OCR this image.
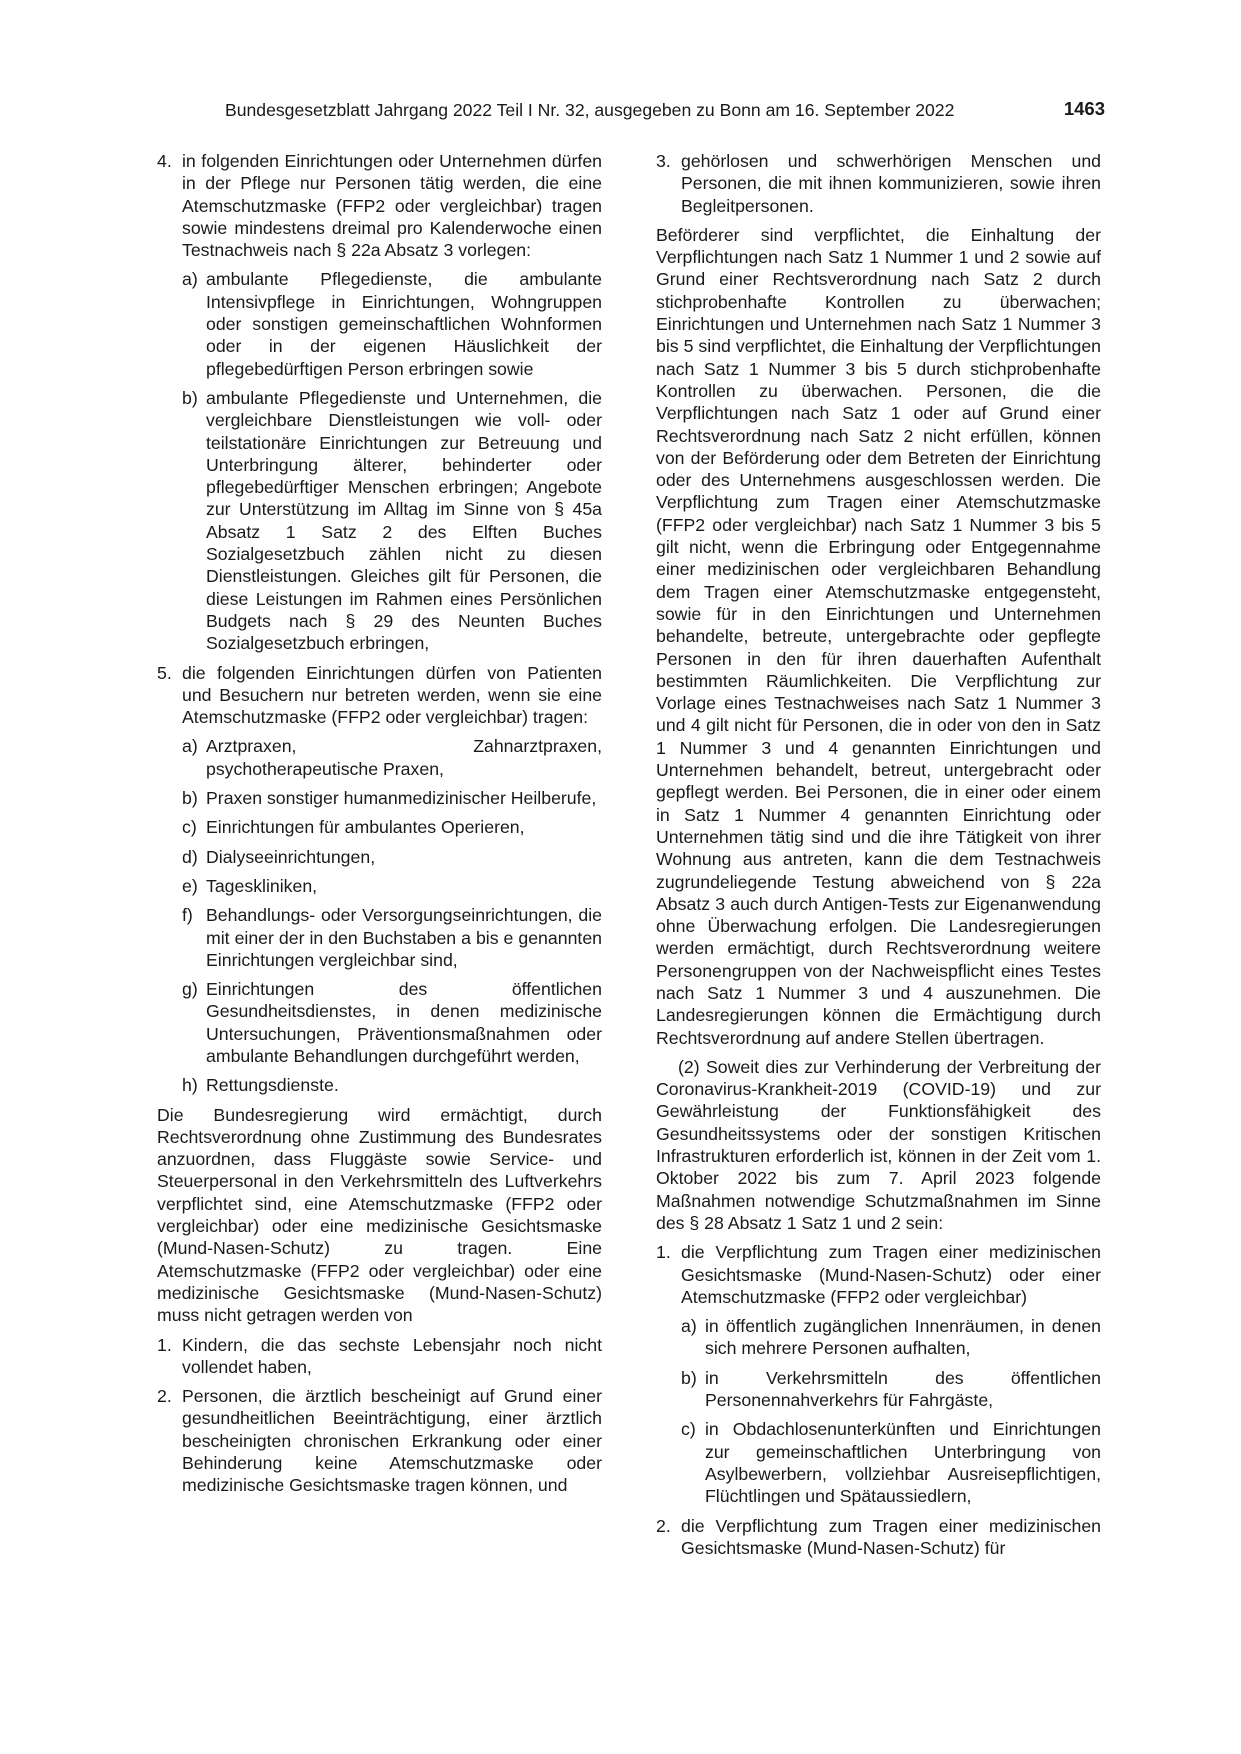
Bundesgesetzblatt Jahrgang 2022 Teil I Nr. 32, ausgegeben zu Bonn am 16. September 2022	1463
4. in folgenden Einrichtungen oder Unternehmen dürfen in der Pflege nur Personen tätig werden, die eine Atemschutzmaske (FFP2 oder vergleichbar) tragen sowie mindestens dreimal pro Kalenderwoche einen Testnachweis nach § 22a Absatz 3 vorlegen:
a) ambulante Pflegedienste, die ambulante Intensivpflege in Einrichtungen, Wohngruppen oder sonstigen gemeinschaftlichen Wohnformen oder in der eigenen Häuslichkeit der pflegebedürftigen Person erbringen sowie
b) ambulante Pflegedienste und Unternehmen, die vergleichbare Dienstleistungen wie voll- oder teilstationäre Einrichtungen zur Betreuung und Unterbringung älterer, behinderter oder pflegebedürftiger Menschen erbringen; Angebote zur Unterstützung im Alltag im Sinne von § 45a Absatz 1 Satz 2 des Elften Buches Sozialgesetzbuch zählen nicht zu diesen Dienstleistungen. Gleiches gilt für Personen, die diese Leistungen im Rahmen eines Persönlichen Budgets nach § 29 des Neunten Buches Sozialgesetzbuch erbringen,
5. die folgenden Einrichtungen dürfen von Patienten und Besuchern nur betreten werden, wenn sie eine Atemschutzmaske (FFP2 oder vergleichbar) tragen:
a) Arztpraxen, Zahnarztpraxen, psychotherapeutische Praxen,
b) Praxen sonstiger humanmedizinischer Heilberufe,
c) Einrichtungen für ambulantes Operieren,
d) Dialyseeinrichtungen,
e) Tageskliniken,
f) Behandlungs- oder Versorgungseinrichtungen, die mit einer der in den Buchstaben a bis e genannten Einrichtungen vergleichbar sind,
g) Einrichtungen des öffentlichen Gesundheitsdienstes, in denen medizinische Untersuchungen, Präventionsmaßnahmen oder ambulante Behandlungen durchgeführt werden,
h) Rettungsdienste.

Die Bundesregierung wird ermächtigt, durch Rechtsverordnung ohne Zustimmung des Bundesrates anzuordnen, dass Fluggäste sowie Service- und Steuerpersonal in den Verkehrsmitteln des Luftverkehrs verpflichtet sind, eine Atemschutzmaske (FFP2 oder vergleichbar) oder eine medizinische Gesichtsmaske (Mund-Nasen-Schutz) zu tragen. Eine Atemschutzmaske (FFP2 oder vergleichbar) oder eine medizinische Gesichtsmaske (Mund-Nasen-Schutz) muss nicht getragen werden von

1. Kindern, die das sechste Lebensjahr noch nicht vollendet haben,
2. Personen, die ärztlich bescheinigt auf Grund einer gesundheitlichen Beeinträchtigung, einer ärztlich bescheinigten chronischen Erkrankung oder einer Behinderung keine Atemschutzmaske oder medizinische Gesichtsmaske tragen können, und
3. gehörlosen und schwerhörigen Menschen und Personen, die mit ihnen kommunizieren, sowie ihren Begleitpersonen.

Beförderer sind verpflichtet, die Einhaltung der Verpflichtungen nach Satz 1 Nummer 1 und 2 sowie auf Grund einer Rechtsverordnung nach Satz 2 durch stichprobenhafte Kontrollen zu überwachen; Einrichtungen und Unternehmen nach Satz 1 Nummer 3 bis 5 sind verpflichtet, die Einhaltung der Verpflichtungen nach Satz 1 Nummer 3 bis 5 durch stichprobenhafte Kontrollen zu überwachen. Personen, die die Verpflichtungen nach Satz 1 oder auf Grund einer Rechtsverordnung nach Satz 2 nicht erfüllen, können von der Beförderung oder dem Betreten der Einrichtung oder des Unternehmens ausgeschlossen werden. Die Verpflichtung zum Tragen einer Atemschutzmaske (FFP2 oder vergleichbar) nach Satz 1 Nummer 3 bis 5 gilt nicht, wenn die Erbringung oder Entgegennahme einer medizinischen oder vergleichbaren Behandlung dem Tragen einer Atemschutzmaske entgegensteht, sowie für in den Einrichtungen und Unternehmen behandelte, betreute, untergebrachte oder gepflegte Personen in den für ihren dauerhaften Aufenthalt bestimmten Räumlichkeiten. Die Verpflichtung zur Vorlage eines Testnachweises nach Satz 1 Nummer 3 und 4 gilt nicht für Personen, die in oder von den in Satz 1 Nummer 3 und 4 genannten Einrichtungen und Unternehmen behandelt, betreut, untergebracht oder gepflegt werden. Bei Personen, die in einer oder einem in Satz 1 Nummer 4 genannten Einrichtung oder Unternehmen tätig sind und die ihre Tätigkeit von ihrer Wohnung aus antreten, kann die dem Testnachweis zugrundeliegende Testung abweichend von § 22a Absatz 3 auch durch Antigen-Tests zur Eigenanwendung ohne Überwachung erfolgen. Die Landesregierungen werden ermächtigt, durch Rechtsverordnung weitere Personengruppen von der Nachweispflicht eines Testes nach Satz 1 Nummer 3 und 4 auszunehmen. Die Landesregierungen können die Ermächtigung durch Rechtsverordnung auf andere Stellen übertragen.

(2) Soweit dies zur Verhinderung der Verbreitung der Coronavirus-Krankheit-2019 (COVID-19) und zur Gewährleistung der Funktionsfähigkeit des Gesundheitssystems oder der sonstigen Kritischen Infrastrukturen erforderlich ist, können in der Zeit vom 1. Oktober 2022 bis zum 7. April 2023 folgende Maßnahmen notwendige Schutzmaßnahmen im Sinne des § 28 Absatz 1 Satz 1 und 2 sein:

1. die Verpflichtung zum Tragen einer medizinischen Gesichtsmaske (Mund-Nasen-Schutz) oder einer Atemschutzmaske (FFP2 oder vergleichbar)
a) in öffentlich zugänglichen Innenräumen, in denen sich mehrere Personen aufhalten,
b) in Verkehrsmitteln des öffentlichen Personennahverkehrs für Fahrgäste,
c) in Obdachlosenunterkünften und Einrichtungen zur gemeinschaftlichen Unterbringung von Asylbewerbern, vollziehbar Ausreisepflichtigen, Flüchtlingen und Spätaussiedlern,
2. die Verpflichtung zum Tragen einer medizinischen Gesichtsmaske (Mund-Nasen-Schutz) für
